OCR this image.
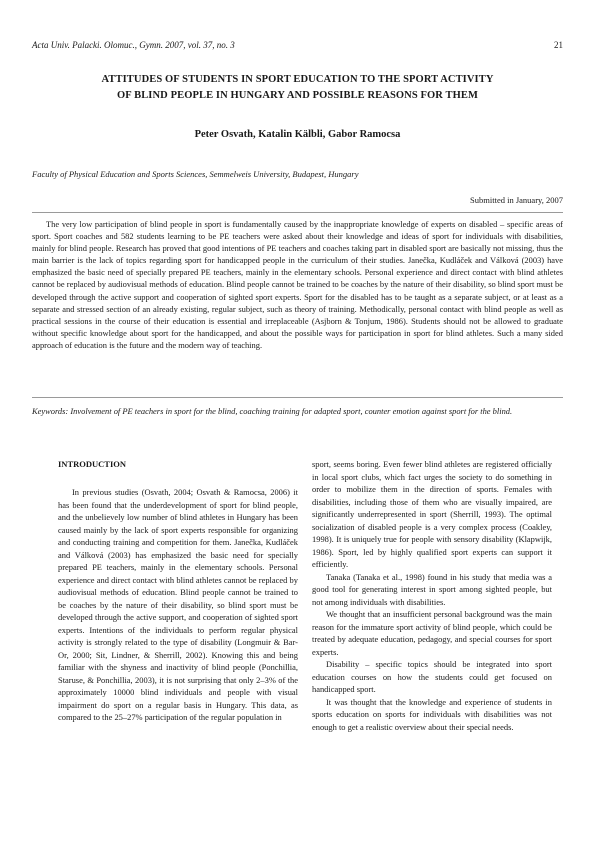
Acta Univ. Palacki. Olomuc., Gymn. 2007, vol. 37, no. 3	21
ATTITUDES OF STUDENTS IN SPORT EDUCATION TO THE SPORT ACTIVITY
OF BLIND PEOPLE IN HUNGARY AND POSSIBLE REASONS FOR THEM
Peter Osvath, Katalin Kälbli, Gabor Ramocsa
Faculty of Physical Education and Sports Sciences, Semmelweis University, Budapest, Hungary
Submitted in January, 2007

The very low participation of blind people in sport is fundamentally caused by the inappropriate knowledge of experts on disabled – specific areas of sport. Sport coaches and 582 students learning to be PE teachers were asked about their knowledge and ideas of sport for individuals with disabilities, mainly for blind people. Research has proved that good intentions of PE teachers and coaches taking part in disabled sport are basically not missing, thus the main barrier is the lack of topics regarding sport for handicapped people in the curriculum of their studies. Janečka, Kudláček and Válková (2003) have emphasized the basic need of specially prepared PE teachers, mainly in the elementary schools. Personal experience and direct contact with blind athletes cannot be replaced by audiovisual methods of education. Blind people cannot be trained to be coaches by the nature of their disability, so blind sport must be developed through the active support and cooperation of sighted sport experts. Sport for the disabled has to be taught as a separate subject, or at least as a separate and stressed section of an already existing, regular subject, such as theory of training. Methodically, personal contact with blind people as well as practical sessions in the course of their education is essential and irreplaceable (Asjborn & Tonjum, 1986). Students should not be allowed to graduate without specific knowledge about sport for the handicapped, and about the possible ways for participation in sport for blind athletes. Such a many sided approach of education is the future and the modern way of teaching.

Keywords: Involvement of PE teachers in sport for the blind, coaching training for adapted sport, counter emotion against sport for the blind.

INTRODUCTION

In previous studies (Osvath, 2004; Osvath & Ramocsa, 2006) it has been found that the underdevelopment of sport for blind people, and the unbelievely low number of blind athletes in Hungary has been caused mainly by the lack of sport experts responsible for organizing and conducting training and competition for them. Janečka, Kudláček and Válková (2003) has emphasized the basic need for specially prepared PE teachers, mainly in the elementary schools. Personal experience and direct contact with blind athletes cannot be replaced by audiovisual methods of education. Blind people cannot be trained to be coaches by the nature of their disability, so blind sport must be developed through the active support, and cooperation of sighted sport experts. Intentions of the individuals to perform regular physical activity is strongly related to the type of disability (Longmuir & Bar-Or, 2000; Sit, Lindner, & Sherrill, 2002). Knowing this and being familiar with the shyness and inactivity of blind people (Ponchillia, Staruse, & Ponchillia, 2003), it is not surprising that only 2–3% of the approximately 10000 blind individuals and people with visual impairment do sport on a regular basis in Hungary. This data, as compared to the 25–27% participation of the regular population in

sport, seems boring. Even fewer blind athletes are registered officially in local sport clubs, which fact urges the society to do something in order to mobilize them in the direction of sports. Females with disabilities, including those of them who are visually impaired, are significantly underrepresented in sport (Sherrill, 1993). The optimal socialization of disabled people is a very complex process (Coakley, 1998). It is uniquely true for people with sensory disability (Klapwijk, 1986). Sport, led by highly qualified sport experts can support it efficiently.

Tanaka (Tanaka et al., 1998) found in his study that media was a good tool for generating interest in sport among sighted people, but not among individuals with disabilities.

We thought that an insufficient personal background was the main reason for the immature sport activity of blind people, which could be treated by adequate education, pedagogy, and special courses for sport experts.

Disability – specific topics should be integrated into sport education courses on how the students could get focused on handicapped sport.

It was thought that the knowledge and experience of students in sports education on sports for individuals with disabilities was not enough to get a realistic overview about their special needs.
